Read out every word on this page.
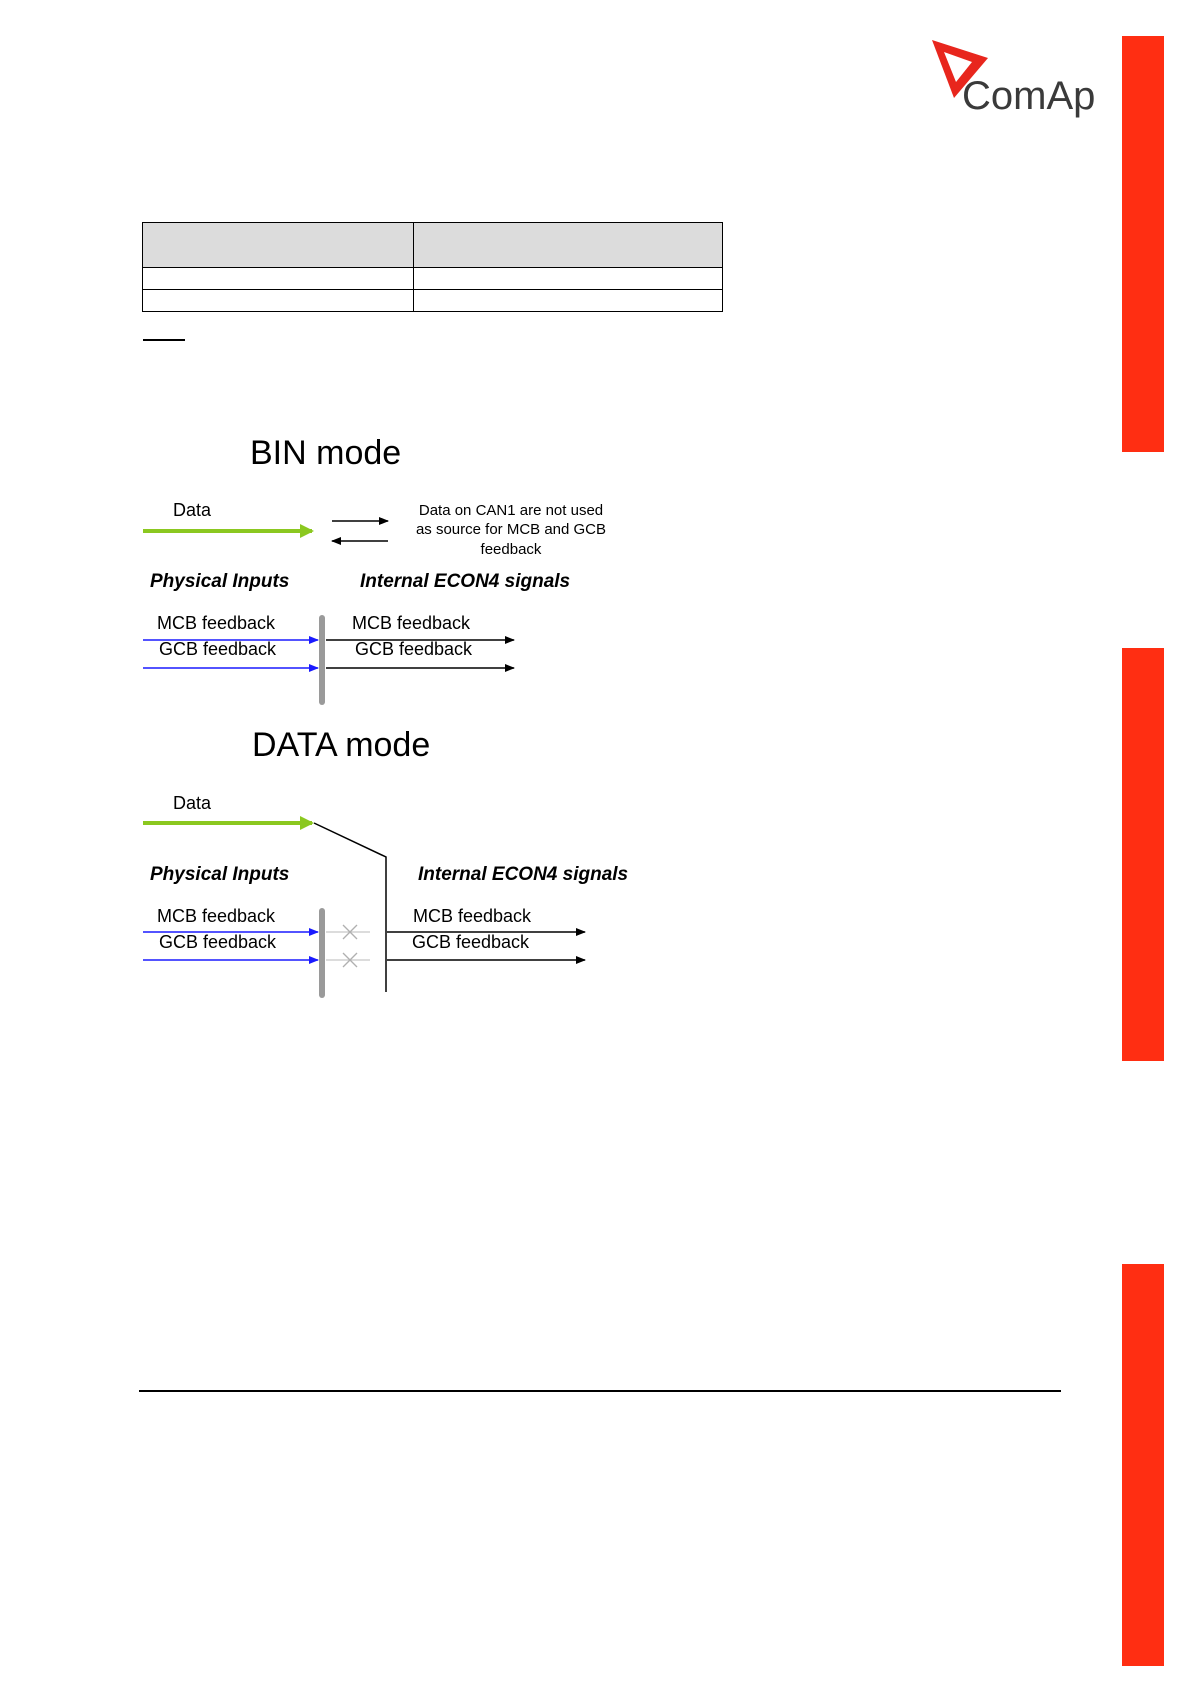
ComAp

BIN mode
Data	Data on CAN1 are not used
as source for MCB and GCB
feedback
Physical Inputs	Internal ECON4 signals
MCB feedback
GCB feedback
MCB feedback
GCB feedback
DATA mode
Data
Physical Inputs	Internal ECON4 signals
MCB feedback
GCB feedback
MCB feedback
GCB feedback
